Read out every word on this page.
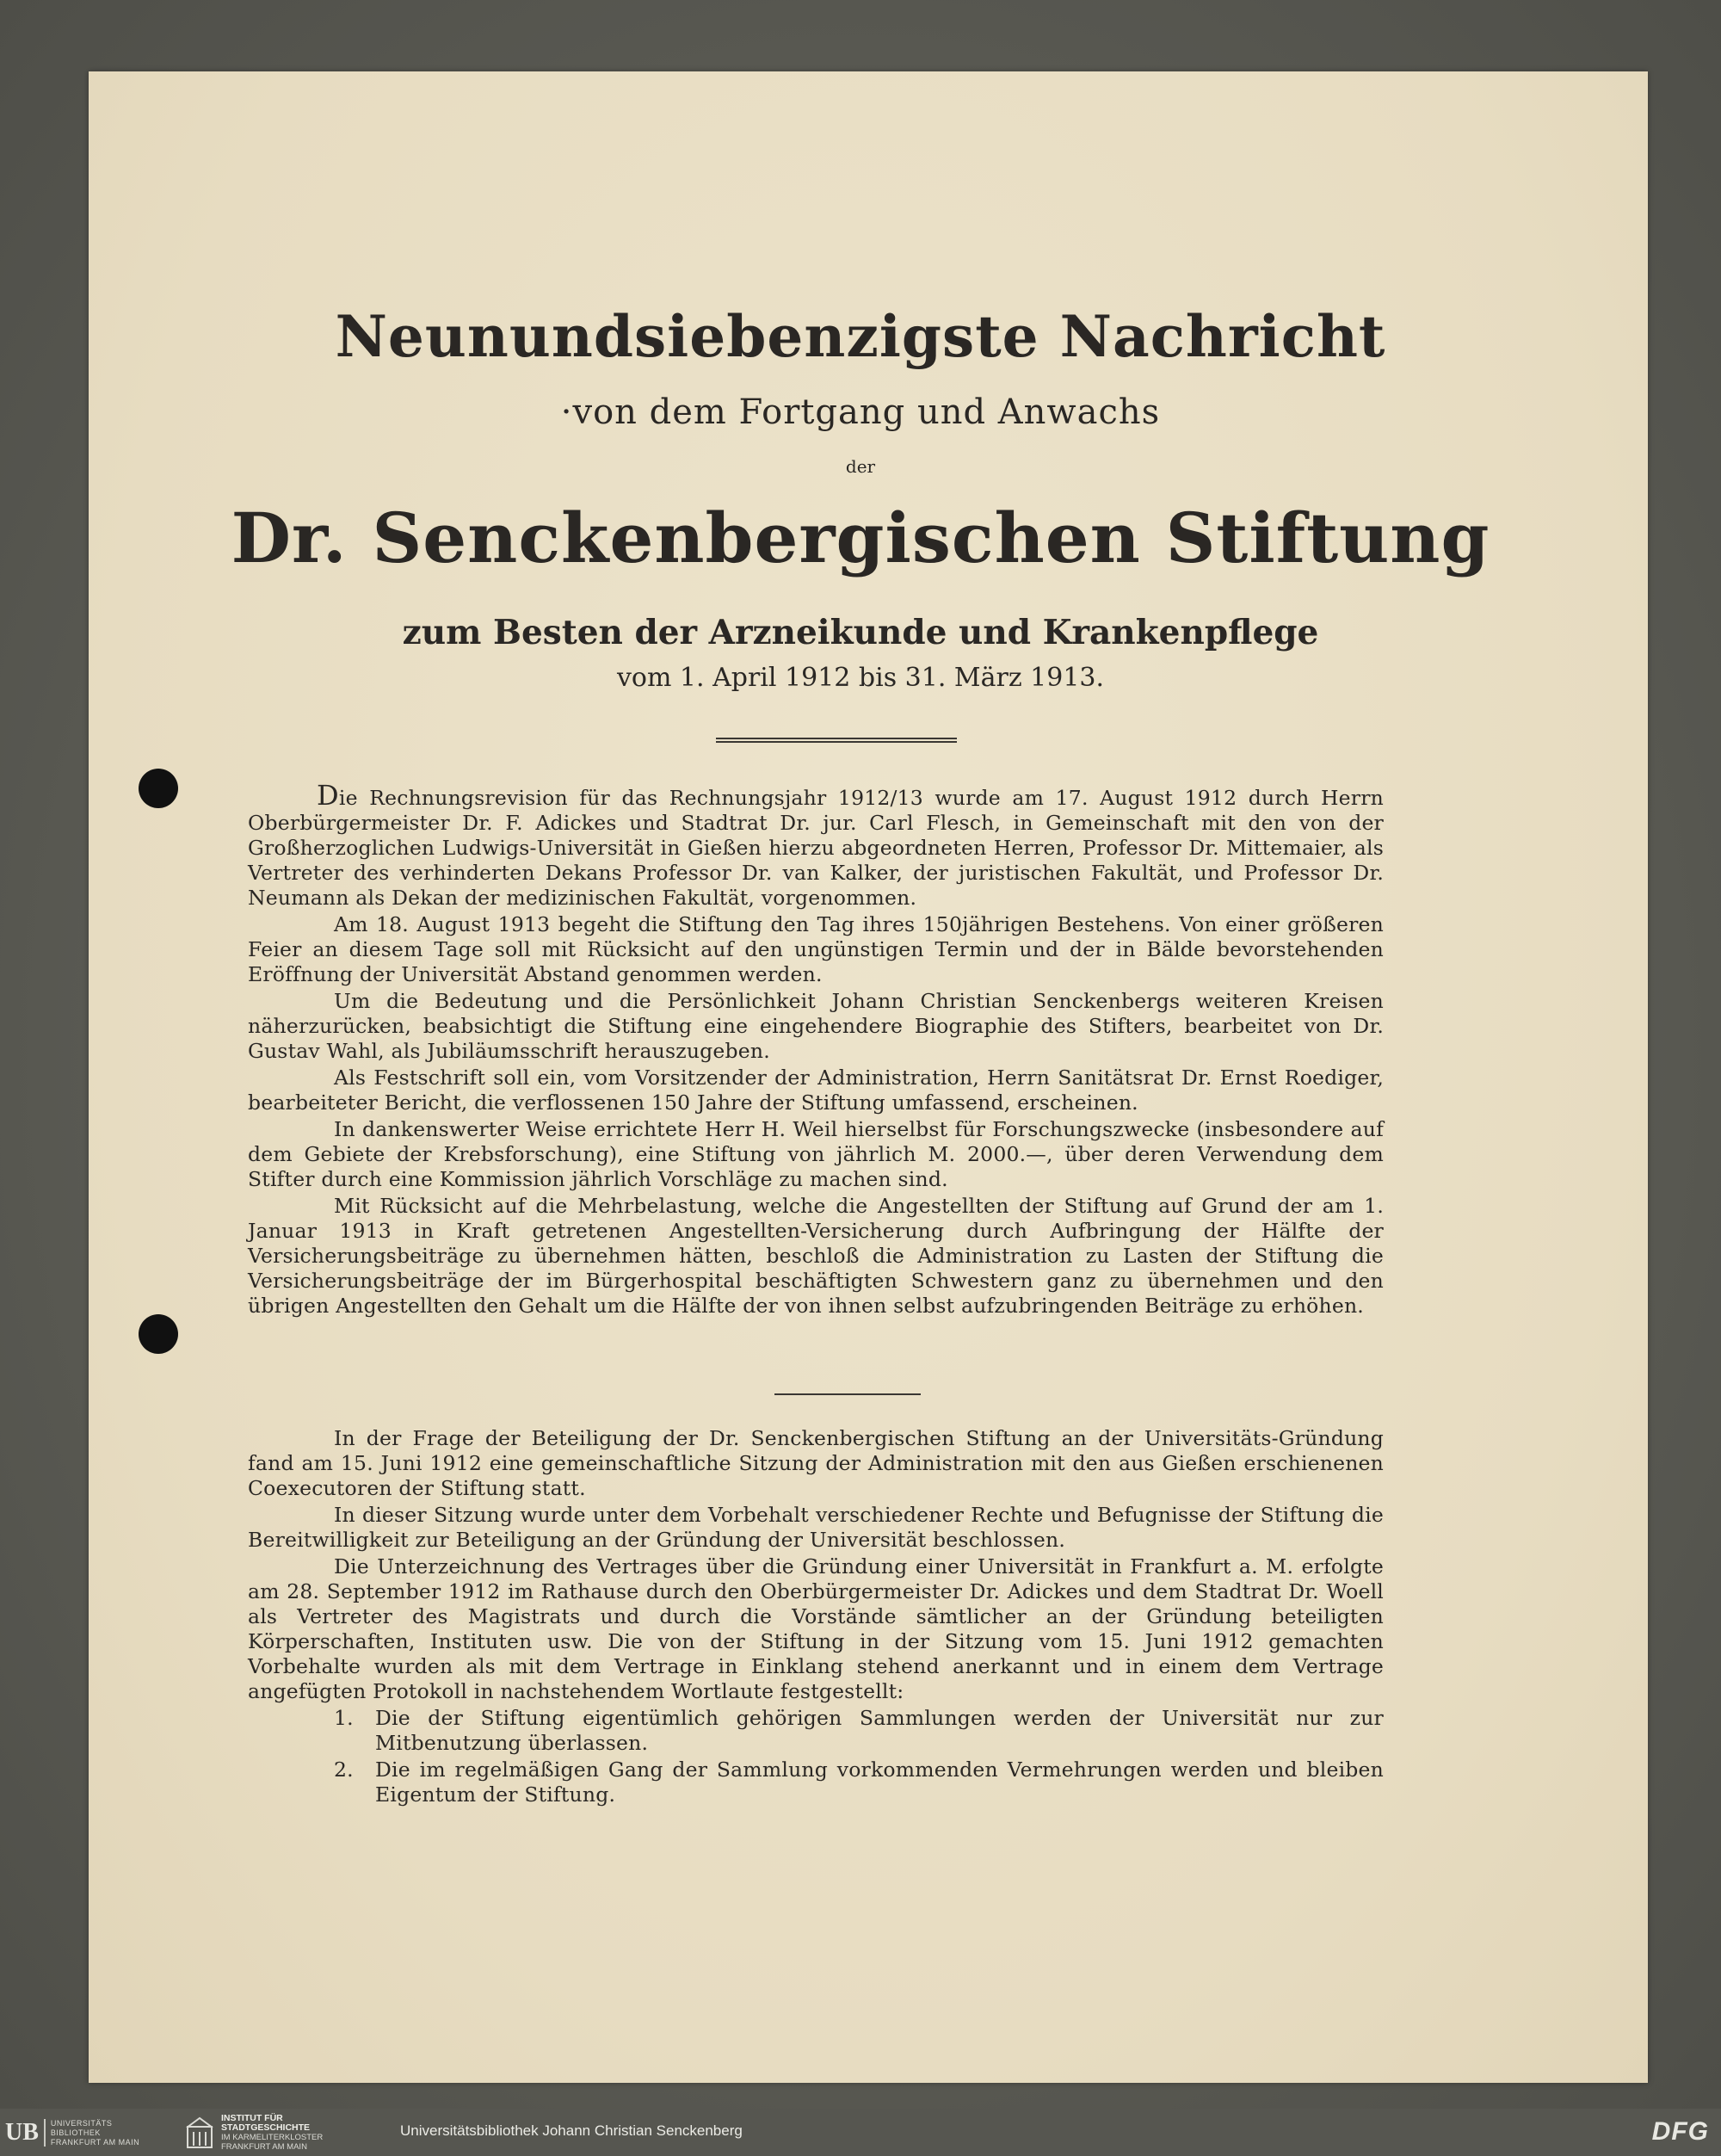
Neunundsiebenzigste Nachricht
·von dem Fortgang und Anwachs
der
Dr. Senckenbergischen Stiftung
zum Besten der Arzneikunde und Krankenpflege
vom 1. April 1912 bis 31. März 1913.

Die Rechnungsrevision für das Rechnungsjahr 1912/13 wurde am 17. August 1912 durch Herrn Oberbürgermeister Dr. F. Adickes und Stadtrat Dr. jur. Carl Flesch, in Gemeinschaft mit den von der Großherzoglichen Ludwigs-Universität in Gießen hierzu abgeordneten Herren, Professor Dr. Mittemaier, als Vertreter des verhinderten Dekans Professor Dr. van Kalker, der juristischen Fakultät, und Professor Dr. Neumann als Dekan der medizinischen Fakultät, vorgenommen.

Am 18. August 1913 begeht die Stiftung den Tag ihres 150jährigen Bestehens. Von einer größeren Feier an diesem Tage soll mit Rücksicht auf den ungünstigen Termin und der in Bälde bevorstehenden Eröffnung der Universität Abstand genommen werden.

Um die Bedeutung und die Persönlichkeit Johann Christian Senckenbergs weiteren Kreisen näherzurücken, beabsichtigt die Stiftung eine eingehendere Biographie des Stifters, bearbeitet von Dr. Gustav Wahl, als Jubiläumsschrift herauszugeben.

Als Festschrift soll ein, vom Vorsitzender der Administration, Herrn Sanitätsrat Dr. Ernst Roediger, bearbeiteter Bericht, die verflossenen 150 Jahre der Stiftung umfassend, erscheinen.

In dankenswerter Weise errichtete Herr H. Weil hierselbst für Forschungszwecke (insbesondere auf dem Gebiete der Krebsforschung), eine Stiftung von jährlich M. 2000.—, über deren Verwendung dem Stifter durch eine Kommission jährlich Vorschläge zu machen sind.

Mit Rücksicht auf die Mehrbelastung, welche die Angestellten der Stiftung auf Grund der am 1. Januar 1913 in Kraft getretenen Angestellten-Versicherung durch Aufbringung der Hälfte der Versicherungsbeiträge zu übernehmen hätten, beschloß die Administration zu Lasten der Stiftung die Versicherungsbeiträge der im Bürgerhospital beschäftigten Schwestern ganz zu übernehmen und den übrigen Angestellten den Gehalt um die Hälfte der von ihnen selbst aufzubringenden Beiträge zu erhöhen.

In der Frage der Beteiligung der Dr. Senckenbergischen Stiftung an der Universitäts-Gründung fand am 15. Juni 1912 eine gemeinschaftliche Sitzung der Administration mit den aus Gießen erschienenen Coexecutoren der Stiftung statt.

In dieser Sitzung wurde unter dem Vorbehalt verschiedener Rechte und Befugnisse der Stiftung die Bereitwilligkeit zur Beteiligung an der Gründung der Universität beschlossen.

Die Unterzeichnung des Vertrages über die Gründung einer Universität in Frankfurt a. M. erfolgte am 28. September 1912 im Rathause durch den Oberbürgermeister Dr. Adickes und dem Stadtrat Dr. Woell als Vertreter des Magistrats und durch die Vorstände sämtlicher an der Gründung beteiligten Körperschaften, Instituten usw. Die von der Stiftung in der Sitzung vom 15. Juni 1912 gemachten Vorbehalte wurden als mit dem Vertrage in Einklang stehend anerkannt und in einem dem Vertrage angefügten Protokoll in nachstehendem Wortlaute festgestellt:

1. Die der Stiftung eigentümlich gehörigen Sammlungen werden der Universität nur zur Mitbenutzung überlassen.

2. Die im regelmäßigen Gang der Sammlung vorkommenden Vermehrungen werden und bleiben Eigentum der Stiftung.

UB	UNIVERSITÄTS
BIBLIOTHEK
FRANKFURT AM MAIN
INSTITUT FÜR
STADTGESCHICHTE
IM KARMELITERKLOSTER
FRANKFURT AM MAIN
Universitätsbibliothek Johann Christian Senckenberg	DFG
